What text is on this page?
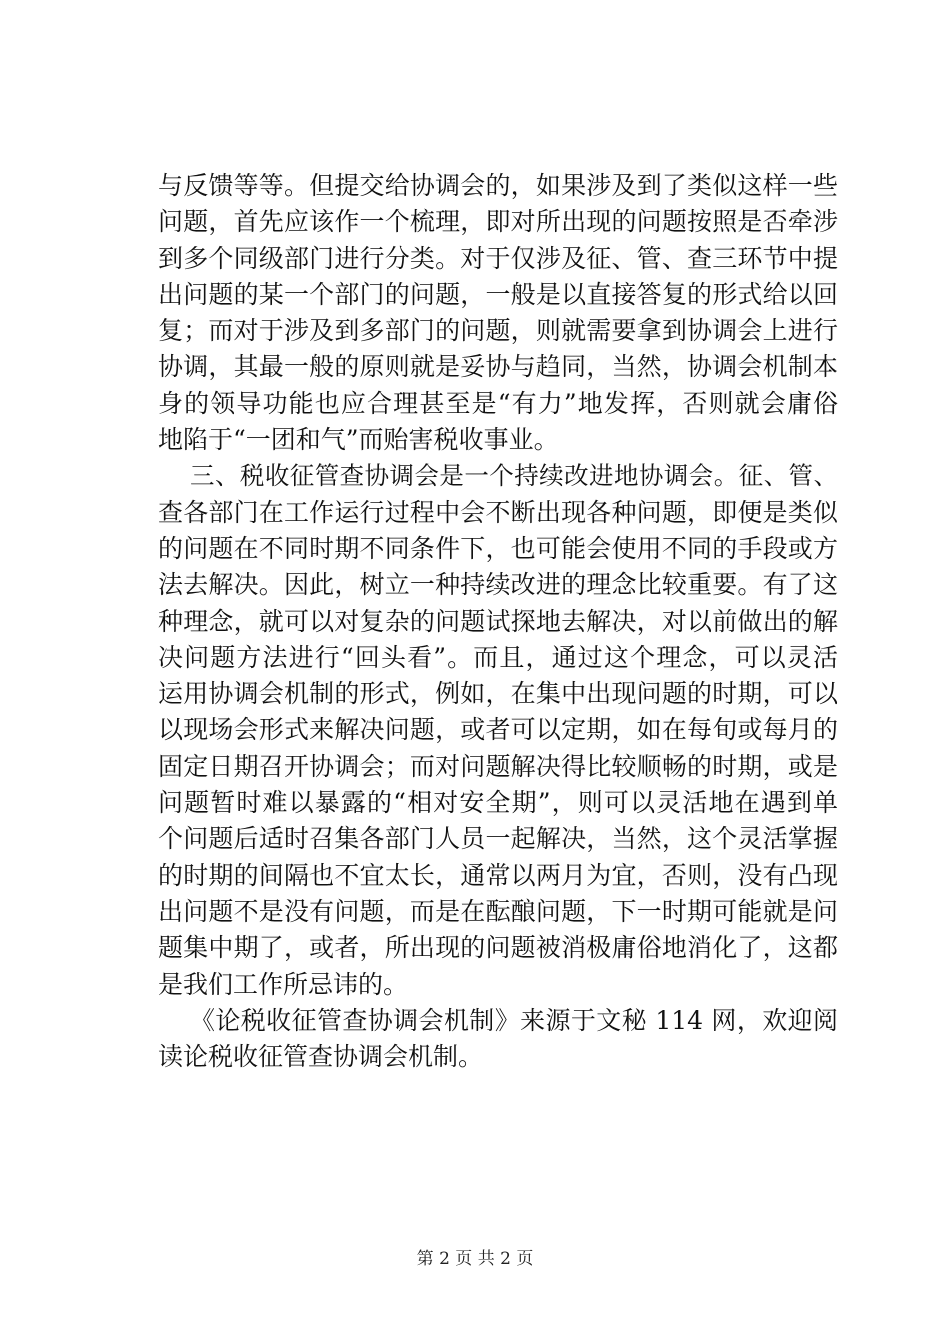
与反馈等等。但提交给协调会的，如果涉及到了类似这样一些
问题，首先应该作一个梳理，即对所出现的问题按照是否牵涉
到多个同级部门进行分类。对于仅涉及征、管、查三环节中提
出问题的某一个部门的问题，一般是以直接答复的形式给以回
复；而对于涉及到多部门的问题，则就需要拿到协调会上进行
协调，其最一般的原则就是妥协与趋同，当然，协调会机制本
身的领导功能也应合理甚至是“有力”地发挥，否则就会庸俗
地陷于“一团和气”而贻害税收事业。
三、税收征管查协调会是一个持续改进地协调会。征、管、
查各部门在工作运行过程中会不断出现各种问题，即便是类似
的问题在不同时期不同条件下，也可能会使用不同的手段或方
法去解决。因此，树立一种持续改进的理念比较重要。有了这
种理念，就可以对复杂的问题试探地去解决，对以前做出的解
决问题方法进行“回头看”。而且，通过这个理念，可以灵活
运用协调会机制的形式，例如，在集中出现问题的时期，可以
以现场会形式来解决问题，或者可以定期，如在每旬或每月的
固定日期召开协调会；而对问题解决得比较顺畅的时期，或是
问题暂时难以暴露的“相对安全期”，则可以灵活地在遇到单
个问题后适时召集各部门人员一起解决，当然，这个灵活掌握
的时期的间隔也不宜太长，通常以两月为宜，否则，没有凸现
出问题不是没有问题，而是在酝酿问题，下一时期可能就是问
题集中期了，或者，所出现的问题被消极庸俗地消化了，这都
是我们工作所忌讳的。
《论税收征管查协调会机制》来源于文秘 114 网，欢迎阅
读论税收征管查协调会机制。
第 2 页 共 2 页
